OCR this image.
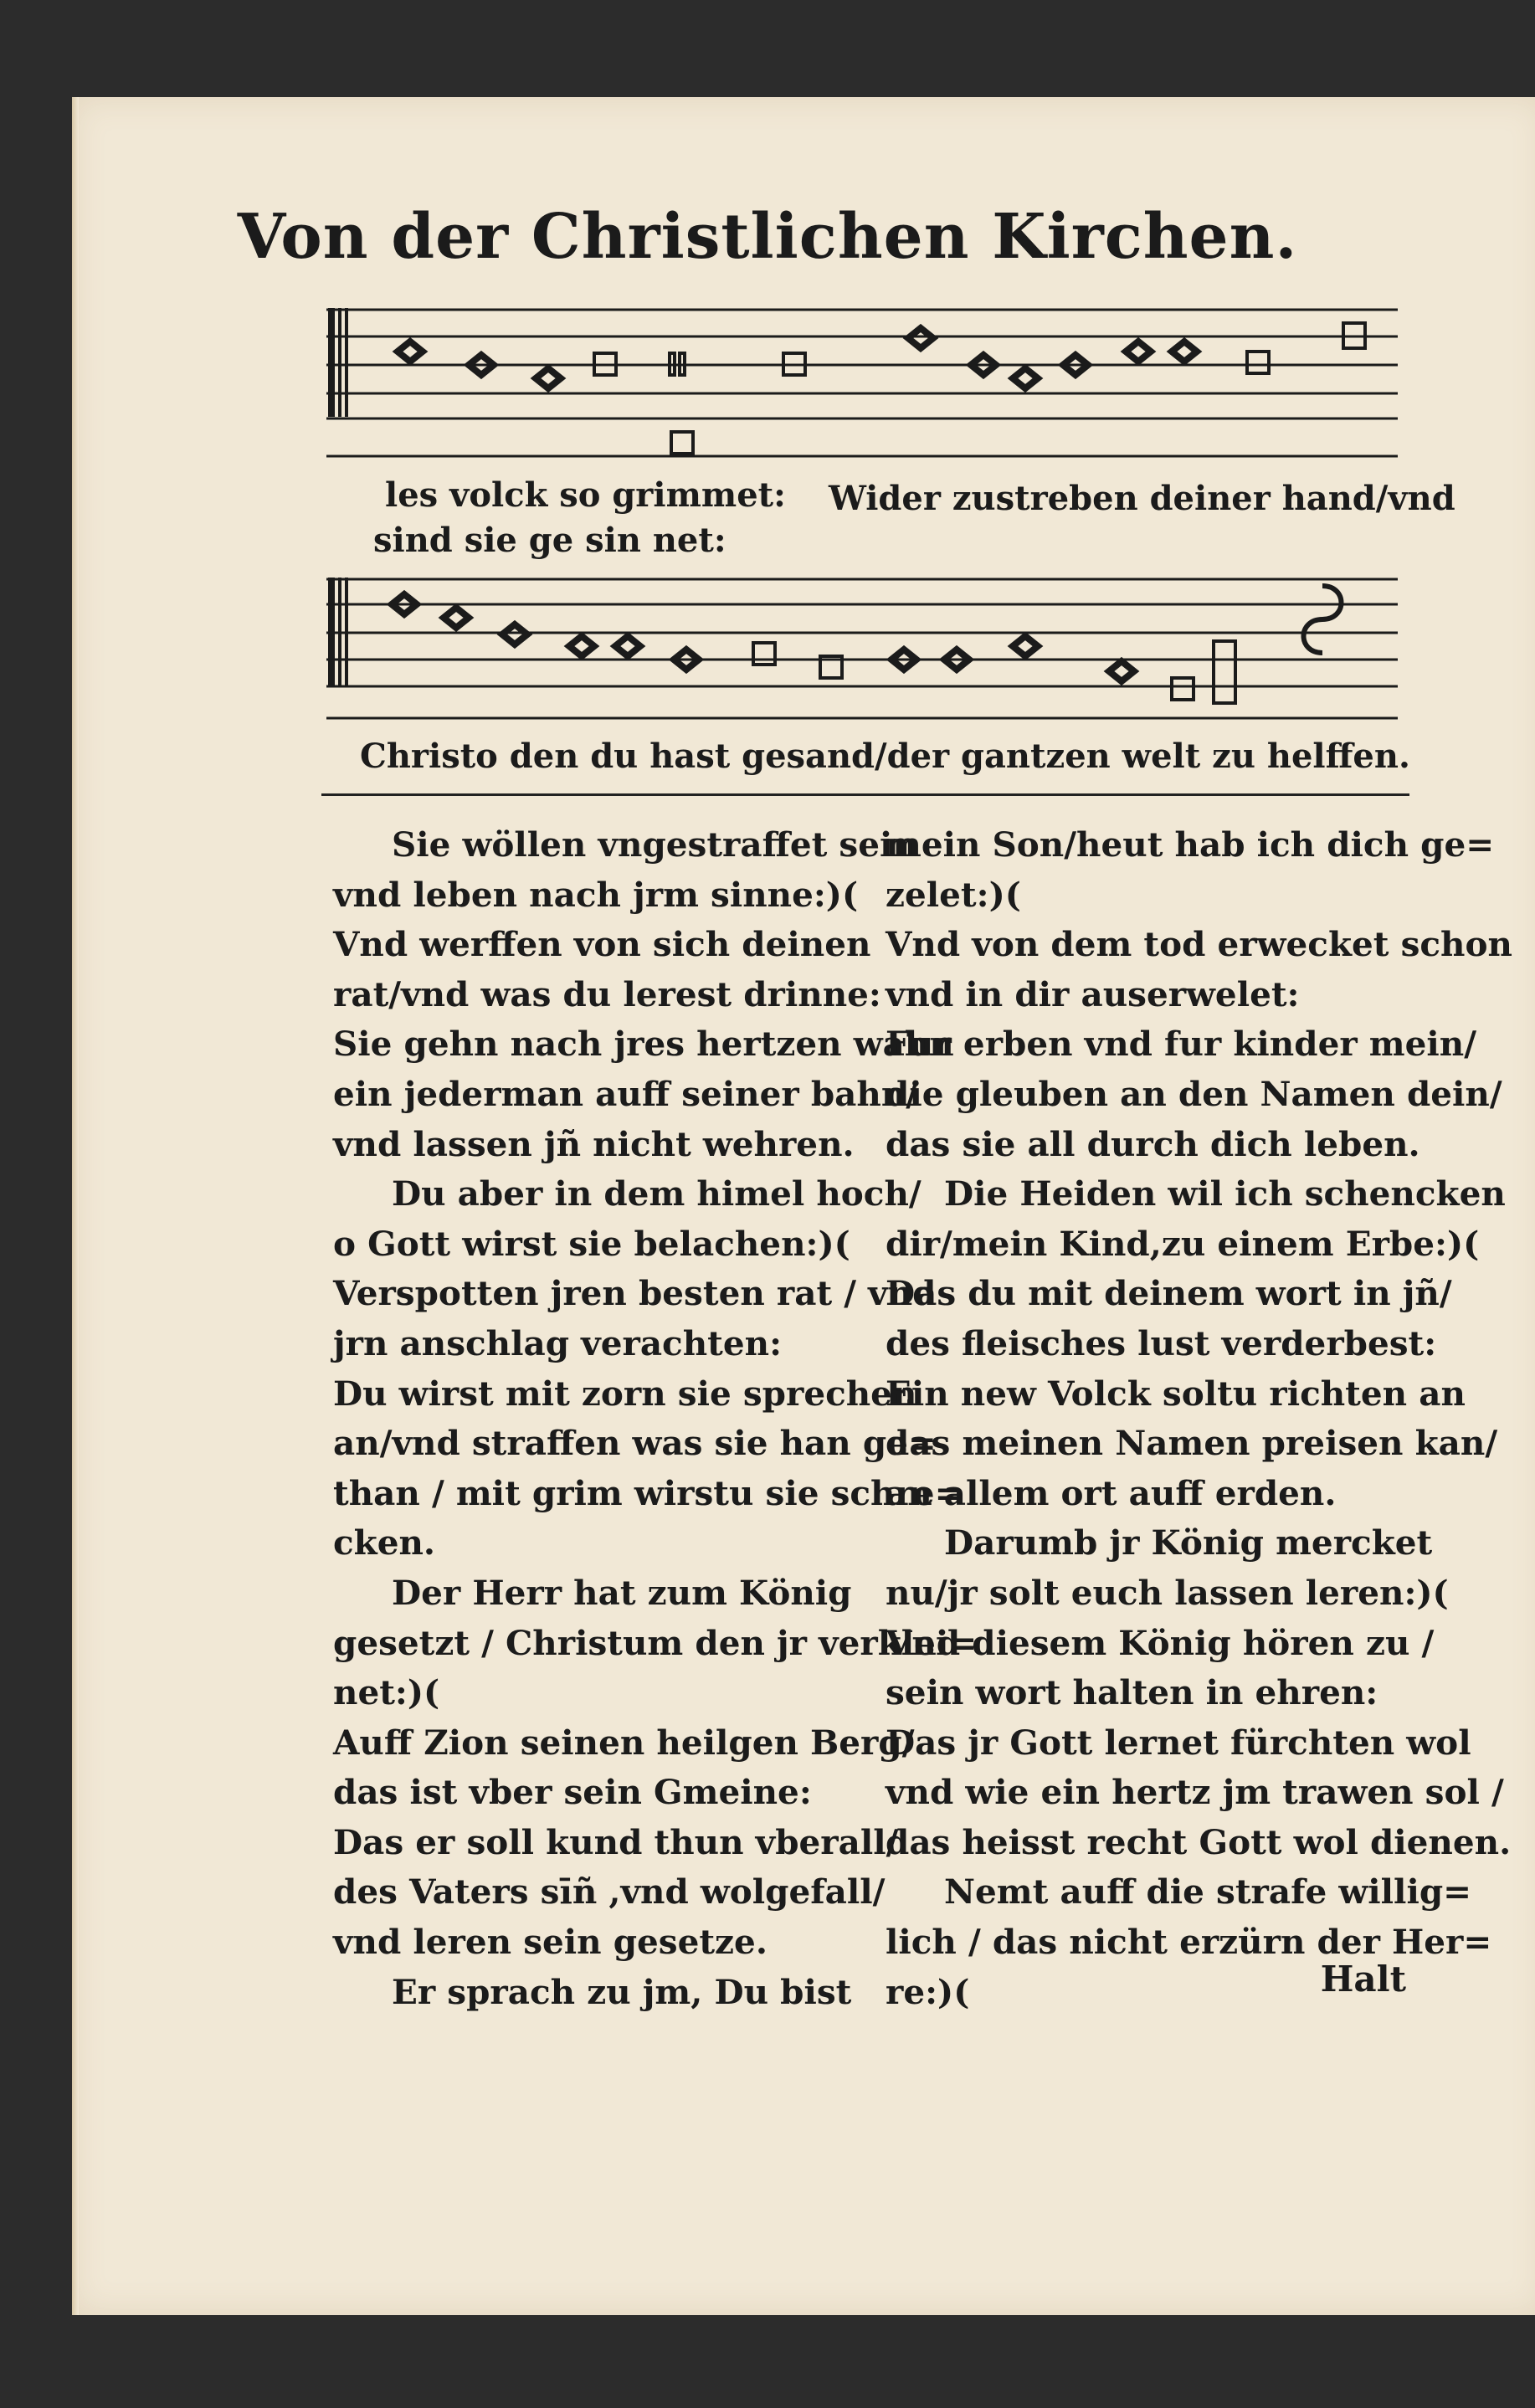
Von der Christlichen Kirchen.
les volck so grimmet:
sind sie ge sin net:
Wider zustreben deiner hand/vnd
Christo den du hast gesand/der gantzen welt zu helffen.
Sie wöllen vngestraffet sein
vnd leben nach jrm sinne:)(
Vnd werffen von sich deinen
rat/vnd was du lerest drinne:
Sie gehn nach jres hertzen wahn
ein jederman auff seiner bahn/
vnd lassen jñ nicht wehren.
Du aber in dem himel hoch/
o Gott wirst sie belachen:)(
Verspotten jren besten rat / vnd
jrn anschlag verachten:
Du wirst mit zorn sie sprechen
an/vnd straffen was sie han ge=
than / mit grim wirstu sie schre=
cken.
Der Herr hat zum König
gesetzt / Christum den jr verklei=
net:)(
Auff Zion seinen heilgen Berg/
das ist vber sein Gmeine:
Das er soll kund thun vberall/
des Vaters sīñ ,vnd wolgefall/
vnd leren sein gesetze.
Er sprach zu jm, Du bist
mein Son/heut hab ich dich ge=
zelet:)(
Vnd von dem tod erwecket schon
vnd in dir auserwelet:
Fur erben vnd fur kinder mein/
die gleuben an den Namen dein/
das sie all durch dich leben.
Die Heiden wil ich schencken
dir/mein Kind,zu einem Erbe:)(
Das du mit deinem wort in jñ/
des fleisches lust verderbest:
Ein new Volck soltu richten an
das meinen Namen preisen kan/
an allem ort auff erden.
Darumb jr König mercket
nu/jr solt euch lassen leren:)(
Vnd diesem König hören zu /
sein wort halten in ehren:
Das jr Gott lernet fürchten wol
vnd wie ein hertz jm trawen sol /
das heisst recht Gott wol dienen.
Nemt auff die strafe willig=
lich / das nicht erzürn der Her=
re:)(	Halt
